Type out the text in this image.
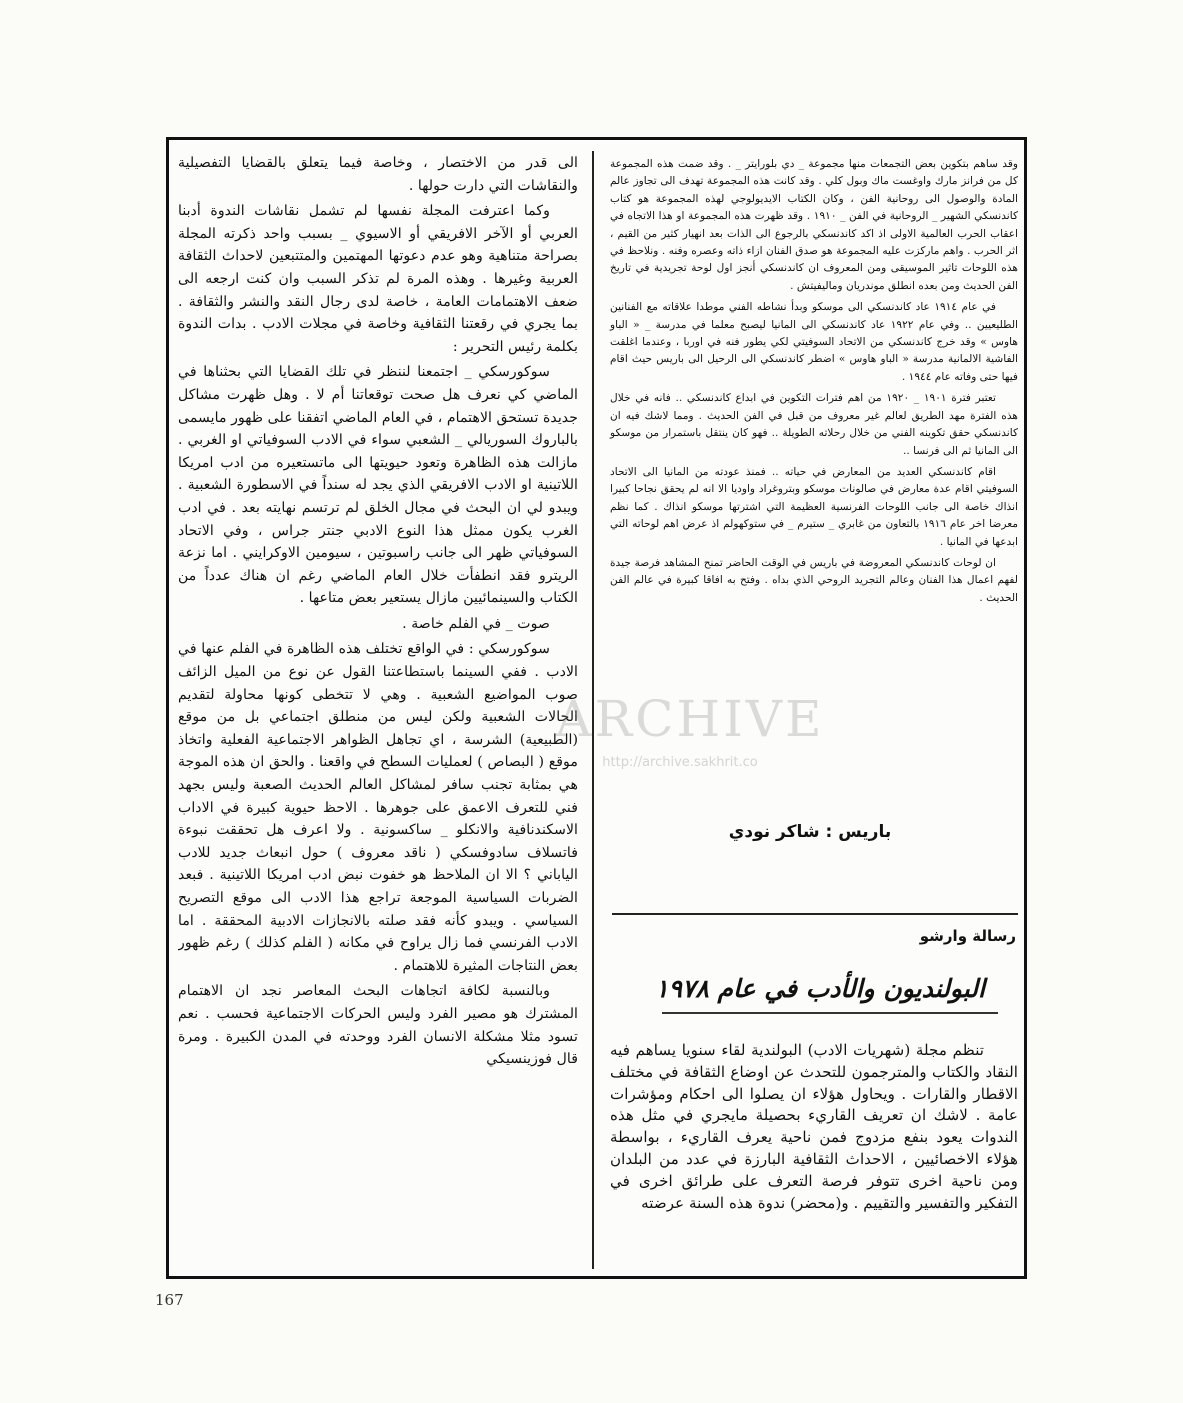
الى قدر من الاختصار ، وخاصة فيما يتعلق بالقضايا التفصيلية والنقاشات التي دارت حولها .

وكما اعترفت المجلة نفسها لم تشمل نقاشات الندوة أدبنا العربي أو الآخر الافريقي أو الاسيوي _ بسبب واحد ذكرته المجلة بصراحة متناهية وهو عدم دعوتها المهتمين والمتتبعين لاحداث الثقافة العربية وغيرها . وهذه المرة لم تذكر السبب وان كنت ارجعه الى ضعف الاهتمامات العامة ، خاصة لدى رجال النقد والنشر والثقافة . بما يجري في رقعتنا الثقافية وخاصة في مجلات الادب . بدات الندوة بكلمة رئيس التحرير :

سوكورسكي _ اجتمعنا لننظر في تلك القضايا التي بحثناها في الماضي كي نعرف هل صحت توقعاتنا أم لا . وهل ظهرت مشاكل جديدة تستحق الاهتمام ، في العام الماضي اتفقنا على ظهور مايسمى بالباروك السوريالي _ الشعبي سواء في الادب السوفياتي او الغربي . مازالت هذه الظاهرة وتعود حيويتها الى ماتستعيره من ادب امريكا اللاتينية او الادب الافريقي الذي يجد له سنداً في الاسطورة الشعبية . ويبدو لي ان البحث في مجال الخلق لم ترتسم نهايته بعد . في ادب الغرب يكون ممثل هذا النوع الادبي جنتر جراس ، وفي الاتحاد السوفياتي ظهر الى جانب راسبوتين ، سيومين الاوكرايني . اما نزعة الريترو فقد انطفأت خلال العام الماضي رغم ان هناك عدداً من الكتاب والسينمائيين مازال يستعير بعض متاعها .

صوت _ في الفلم خاصة .

سوكورسكي : في الواقع تختلف هذه الظاهرة في الفلم عنها في الادب . ففي السينما باستطاعتنا القول عن نوع من الميل الزائف صوب المواضيع الشعبية . وهي لا تتخطى كونها محاولة لتقديم الحالات الشعبية ولكن ليس من منطلق اجتماعي بل من موقع (الطبيعية) الشرسة ، اي تجاهل الظواهر الاجتماعية الفعلية واتخاذ موقع ( البصاص ) لعمليات السطح في واقعنا . والحق ان هذه الموجة هي بمثابة تجنب سافر لمشاكل العالم الحديث الصعبة وليس بجهد فني للتعرف الاعمق على جوهرها . الاحظ حيوية كبيرة في الاداب الاسكندنافية والانكلو _ ساكسونية . ولا اعرف هل تحققت نبوءة فاتسلاف سادوفسكي ( ناقد معروف ) حول انبعاث جديد للادب الياباني ؟ الا ان الملاحظ هو خفوت نبض ادب امريكا اللاتينية . فبعد الضربات السياسية الموجعة تراجع هذا الادب الى موقع التصريح السياسي . ويبدو كأنه فقد صلته بالانجازات الادبية المحققة . اما الادب الفرنسي فما زال يراوح في مكانه ( الفلم كذلك ) رغم ظهور بعض النتاجات المثيرة للاهتمام .

وبالنسبة لكافة اتجاهات البحث المعاصر نجد ان الاهتمام المشترك هو مصير الفرد وليس الحركات الاجتماعية فحسب . نعم تسود مثلا مشكلة الانسان الفرد ووحدته في المدن الكبيرة . ومرة قال فوزينسيكي

وقد ساهم بتكوين بعض التجمعات منها مجموعة _ دي بلورايتر _ . وقد ضمت هذه المجموعة كل من فرانز مارك واوغست ماك وبول كلي . وقد كانت هذه المجموعة تهدف الى تجاوز عالم المادة والوصول الى روحانية الفن ، وكان الكتاب الايديولوجي لهذه المجموعة هو كتاب كاندنسكي الشهير _ الروحانية في الفن _ ١٩١٠ . وقد ظهرت هذه المجموعة او هذا الاتجاه في اعقاب الحرب العالمية الاولى اذ اكد كاندنسكي بالرجوع الى الذات بعد انهيار كثير من القيم ، اثر الحرب . واهم ماركزت عليه المجموعة هو صدق الفنان ازاء ذاته وعصره وفنه . ونلاحظ في هذه اللوحات تاثير الموسيقى ومن المعروف ان كاندنسكي أنجز اول لوحة تجريدية في تاريخ الفن الحديث ومن بعده انطلق موندريان وماليفيتش .

في عام ١٩١٤ عاد كاندنسكي الى موسكو وبدأ نشاطه الفني موطدا علاقاته مع الفنانين الطليعيين .. وفي عام ١٩٢٢ عاد كاندنسكي الى المانيا ليصبح معلما في مدرسة _ « الباو هاوس » وقد خرج كاندنسكي من الاتحاد السوفيتي لكي يطور فنه في اوربا ، وعندما اغلقت الفاشية الالمانية مدرسة « الباو هاوس » اضطر كاندنسكي الى الرحيل الى باريس حيث اقام فيها حتى وفاته عام ١٩٤٤ .

تعتبر فترة ١٩٠١ _ ١٩٢٠ من اهم فترات التكوين في ابداع كاندنسكي .. فانه في خلال هذه الفترة مهد الطريق لعالم غير معروف من قبل في الفن الحديث . ومما لاشك فيه ان كاندنسكي حقق تكوينه الفني من خلال رحلاته الطويلة .. فهو كان ينتقل باستمرار من موسكو الى المانيا ثم الى فرنسا ..

اقام كاندنسكي العديد من المعارض في حياته .. فمنذ عودته من المانيا الى الاتحاد السوفيتي اقام عدة معارض في صالونات موسكو وبتروغراد واوديا الا انه لم يحقق نجاحا كبيرا انذاك خاصة الى جانب اللوحات الفرنسية العظيمة التي اشترتها موسكو انذاك . كما نظم معرضا اخر عام ١٩١٦ بالتعاون من غابري _ ستيرم _ في ستوكهولم اذ عرض اهم لوحاته التي ابدعها في المانيا .

ان لوحات كاندنسكي المعروضة في باريس في الوقت الحاضر تمنح المشاهد فرصة جيدة لفهم اعمال هذا الفنان وعالم التجريد الروحي الذي بداه . وفتح به افاقا كبيرة في عالم الفن الحديث .

باريس : شاكر نودي
رسالة وارشو
البولنديون والأدب في عام ١٩٧٨

تنظم مجلة (شهريات الادب) البولندية لقاء سنويا يساهم فيه النقاد والكتاب والمترجمون للتحدث عن اوضاع الثقافة في مختلف الاقطار والقارات . ويحاول هؤلاء ان يصلوا الى احكام ومؤشرات عامة . لاشك ان تعريف القاريء بحصيلة مايجري في مثل هذه الندوات يعود بنفع مزدوج فمن ناحية يعرف القاريء ، بواسطة هؤلاء الاخصائيين ، الاحداث الثقافية البارزة في عدد من البلدان ومن ناحية اخرى تتوفر فرصة التعرف على طرائق اخرى في التفكير والتفسير والتقييم . و(محضر) ندوة هذه السنة عرضته

ARCHIVE
http://archive.sakhrit.co
167
